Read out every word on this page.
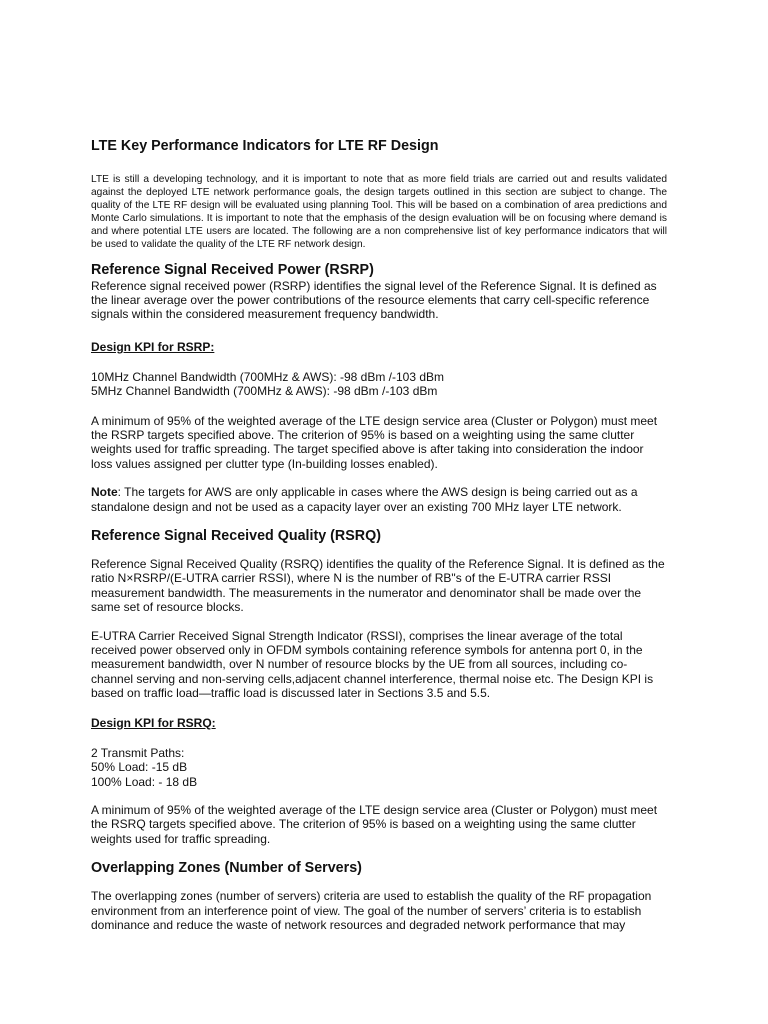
LTE Key Performance Indicators for LTE RF Design

LTE is still a developing technology, and it is important to note that as more field trials are carried out and results validated against the deployed LTE network performance goals, the design targets outlined in this section are subject to change. The quality of the LTE RF design will be evaluated using planning Tool. This will be based on a combination of area predictions and Monte Carlo simulations. It is important to note that the emphasis of the design evaluation will be on focusing where demand is and where potential LTE users are located. The following are a non comprehensive list of key performance indicators that will be used to validate the quality of the LTE RF network design.

Reference Signal Received Power (RSRP)

Reference signal received power (RSRP) identifies the signal level of the Reference Signal. It is defined as the linear average over the power contributions of the resource elements that carry cell-specific reference signals within the considered measurement frequency bandwidth.

Design KPI for RSRP:

10MHz Channel Bandwidth (700MHz & AWS): -98 dBm /-103 dBm
5MHz Channel Bandwidth (700MHz & AWS): -98 dBm /-103 dBm

A minimum of 95% of the weighted average of the LTE design service area (Cluster or Polygon) must meet the RSRP targets specified above. The criterion of 95% is based on a weighting using the same clutter weights used for traffic spreading. The target specified above is after taking into consideration the indoor loss values assigned per clutter type (In-building losses enabled).

Note: The targets for AWS are only applicable in cases where the AWS design is being carried out as a standalone design and not be used as a capacity layer over an existing 700 MHz layer LTE network.

Reference Signal Received Quality (RSRQ)

Reference Signal Received Quality (RSRQ) identifies the quality of the Reference Signal. It is defined as the ratio N×RSRP/(E-UTRA carrier RSSI), where N is the number of RB"s of the E-UTRA carrier RSSI measurement bandwidth. The measurements in the numerator and denominator shall be made over the same set of resource blocks.

E-UTRA Carrier Received Signal Strength Indicator (RSSI), comprises the linear average of the total received power observed only in OFDM symbols containing reference symbols for antenna port 0, in the measurement bandwidth, over N number of resource blocks by the UE from all sources, including co-channel serving and non-serving cells,adjacent channel interference, thermal noise etc. The Design KPI is based on traffic load—traffic load is discussed later in Sections 3.5 and 5.5.

Design KPI for RSRQ:

2 Transmit Paths:
50% Load: -15 dB
100% Load: - 18 dB

A minimum of 95% of the weighted average of the LTE design service area (Cluster or Polygon) must meet the RSRQ targets specified above. The criterion of 95% is based on a weighting using the same clutter weights used for traffic spreading.

Overlapping Zones (Number of Servers)

The overlapping zones (number of servers) criteria are used to establish the quality of the RF propagation environment from an interference point of view. The goal of the number of servers’ criteria is to establish dominance and reduce the waste of network resources and degraded network performance that may
